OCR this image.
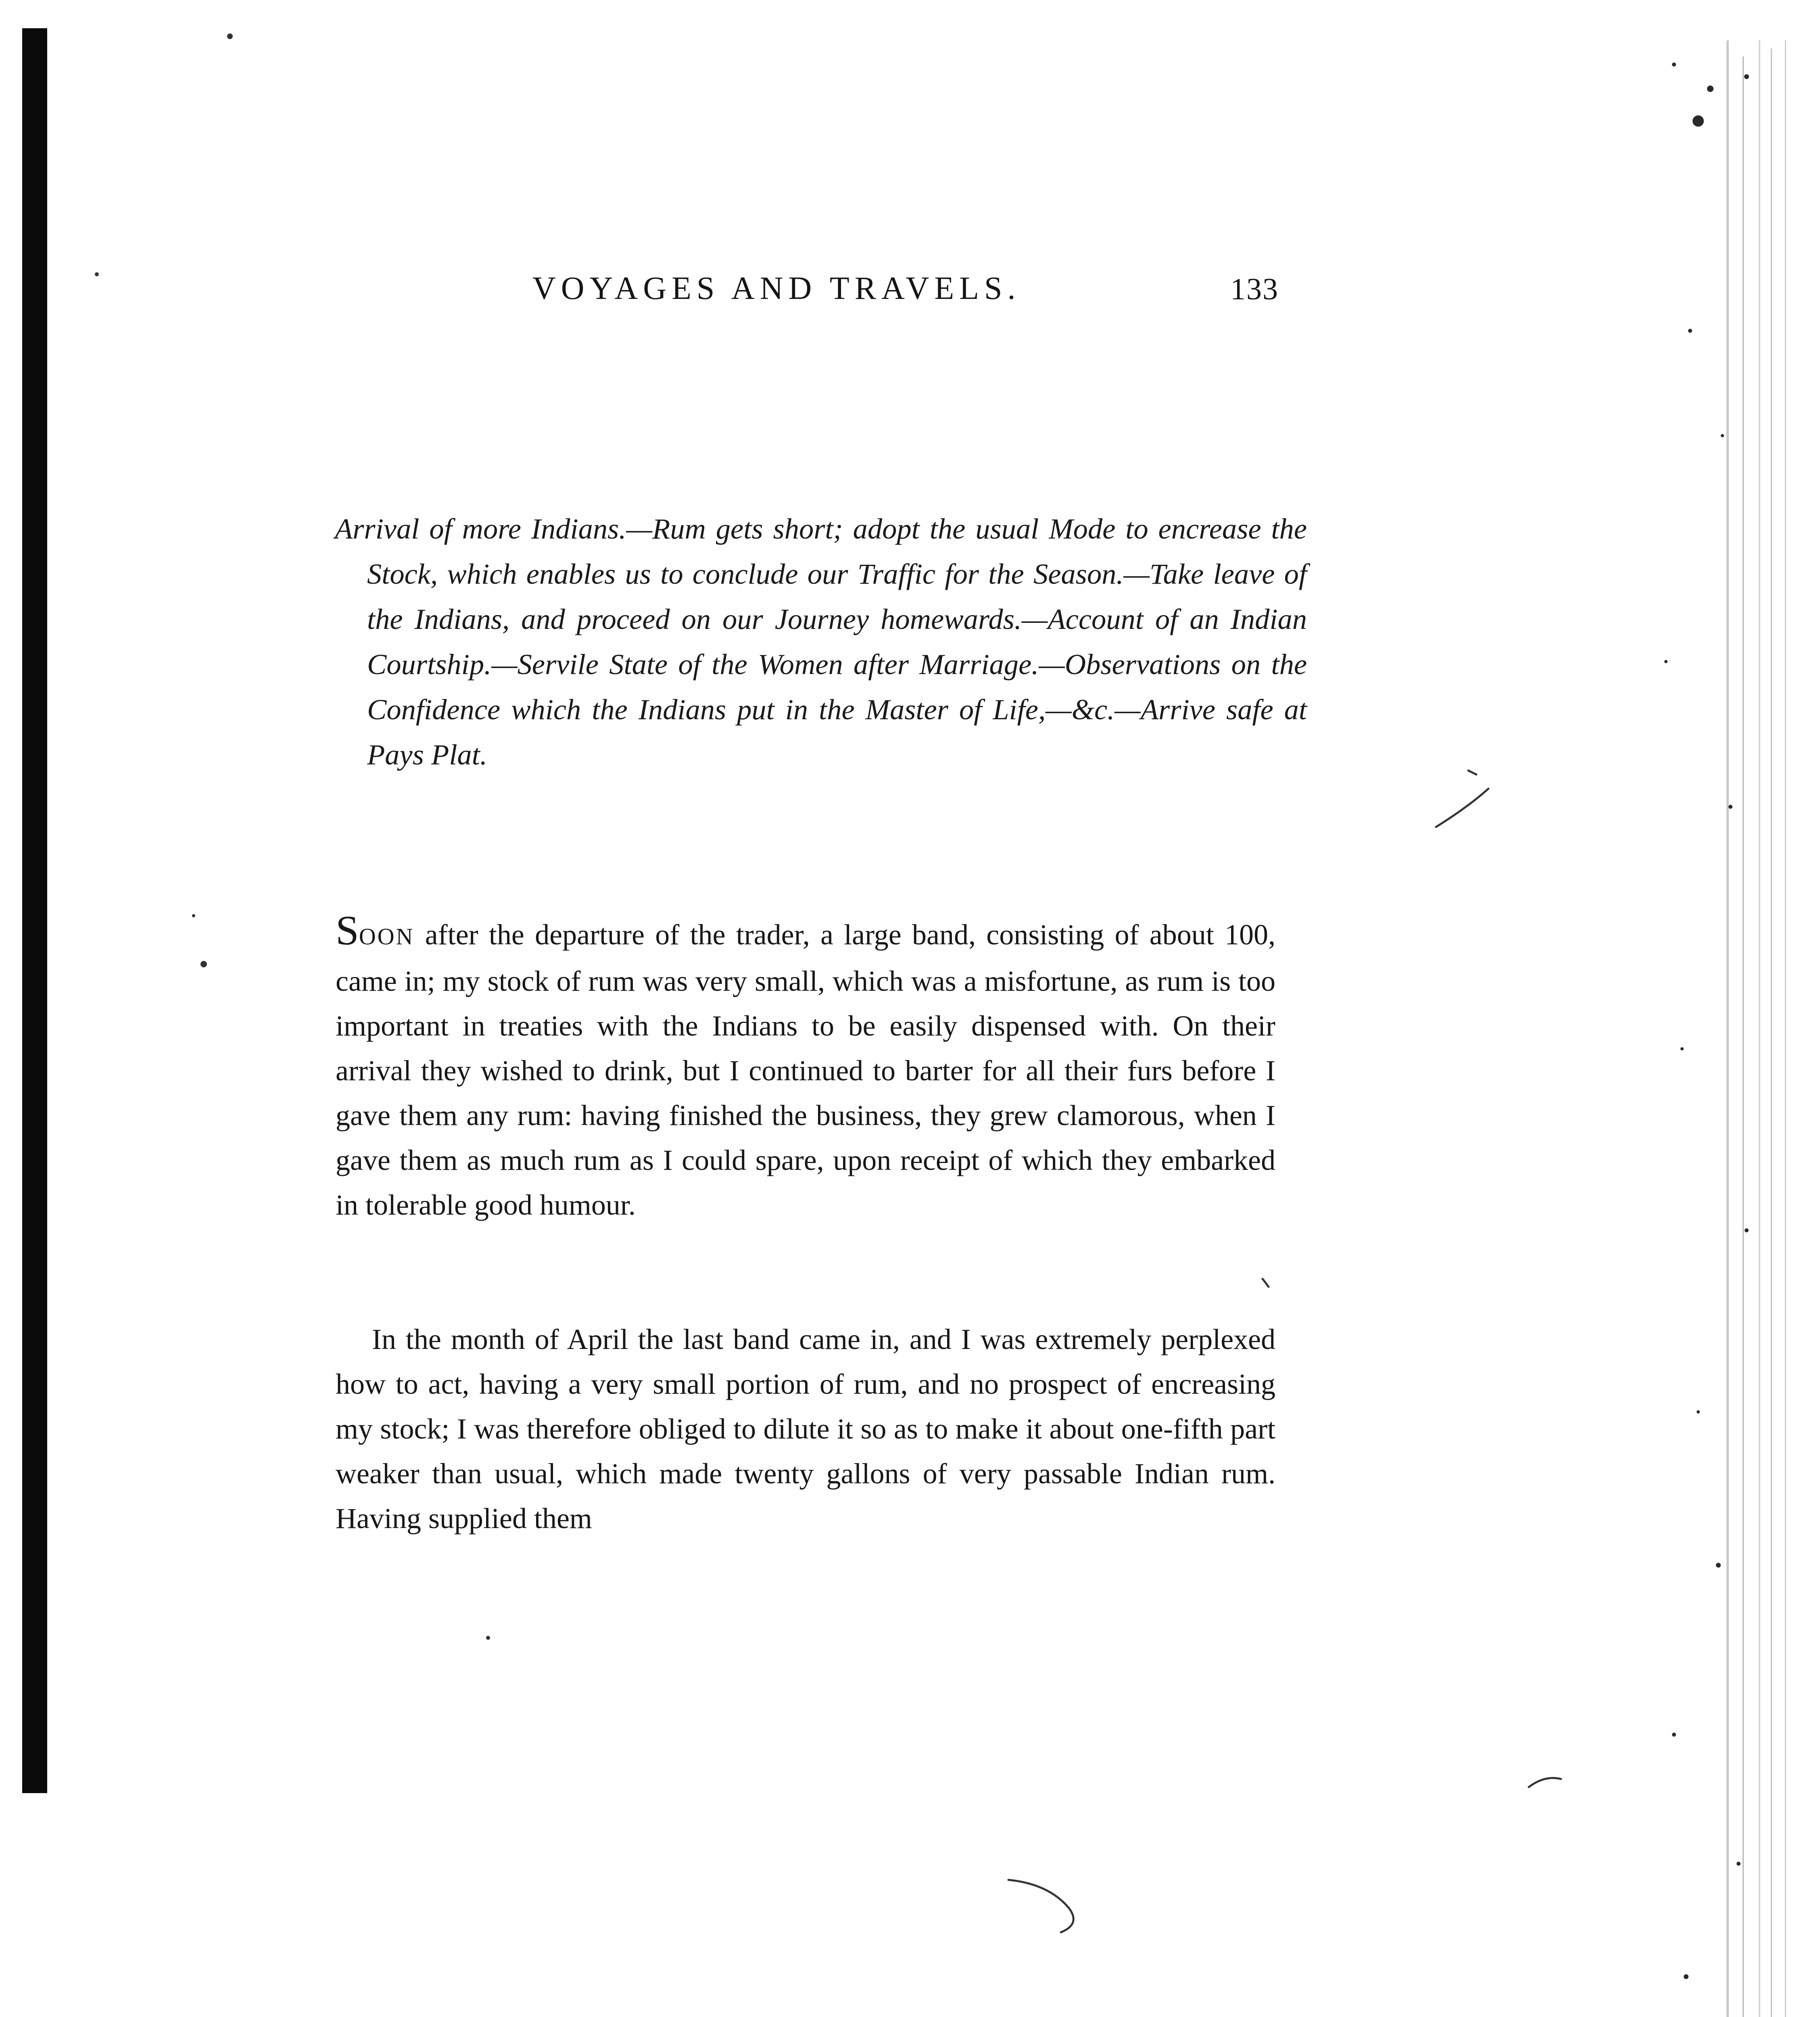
VOYAGES AND TRAVELS.	133

Arrival of more Indians.—Rum gets short; adopt the usual Mode to encrease the Stock, which enables us to conclude our Traffic for the Season.—Take leave of the Indians, and proceed on our Journey homewards.—Account of an Indian Courtship.—Servile State of the Women after Marriage.—Observations on the Confidence which the Indians put in the Master of Life,—&c.—Arrive safe at Pays Plat.

SOON after the departure of the trader, a large band, consisting of about 100, came in; my stock of rum was very small, which was a misfortune, as rum is too important in treaties with the Indians to be easily dispensed with. On their arrival they wished to drink, but I continued to barter for all their furs before I gave them any rum: having finished the business, they grew clamorous, when I gave them as much rum as I could spare, upon receipt of which they embarked in tolerable good humour.

In the month of April the last band came in, and I was extremely perplexed how to act, having a very small portion of rum, and no prospect of encreasing my stock; I was therefore obliged to dilute it so as to make it about one-fifth part weaker than usual, which made twenty gallons of very passable Indian rum. Having supplied them
